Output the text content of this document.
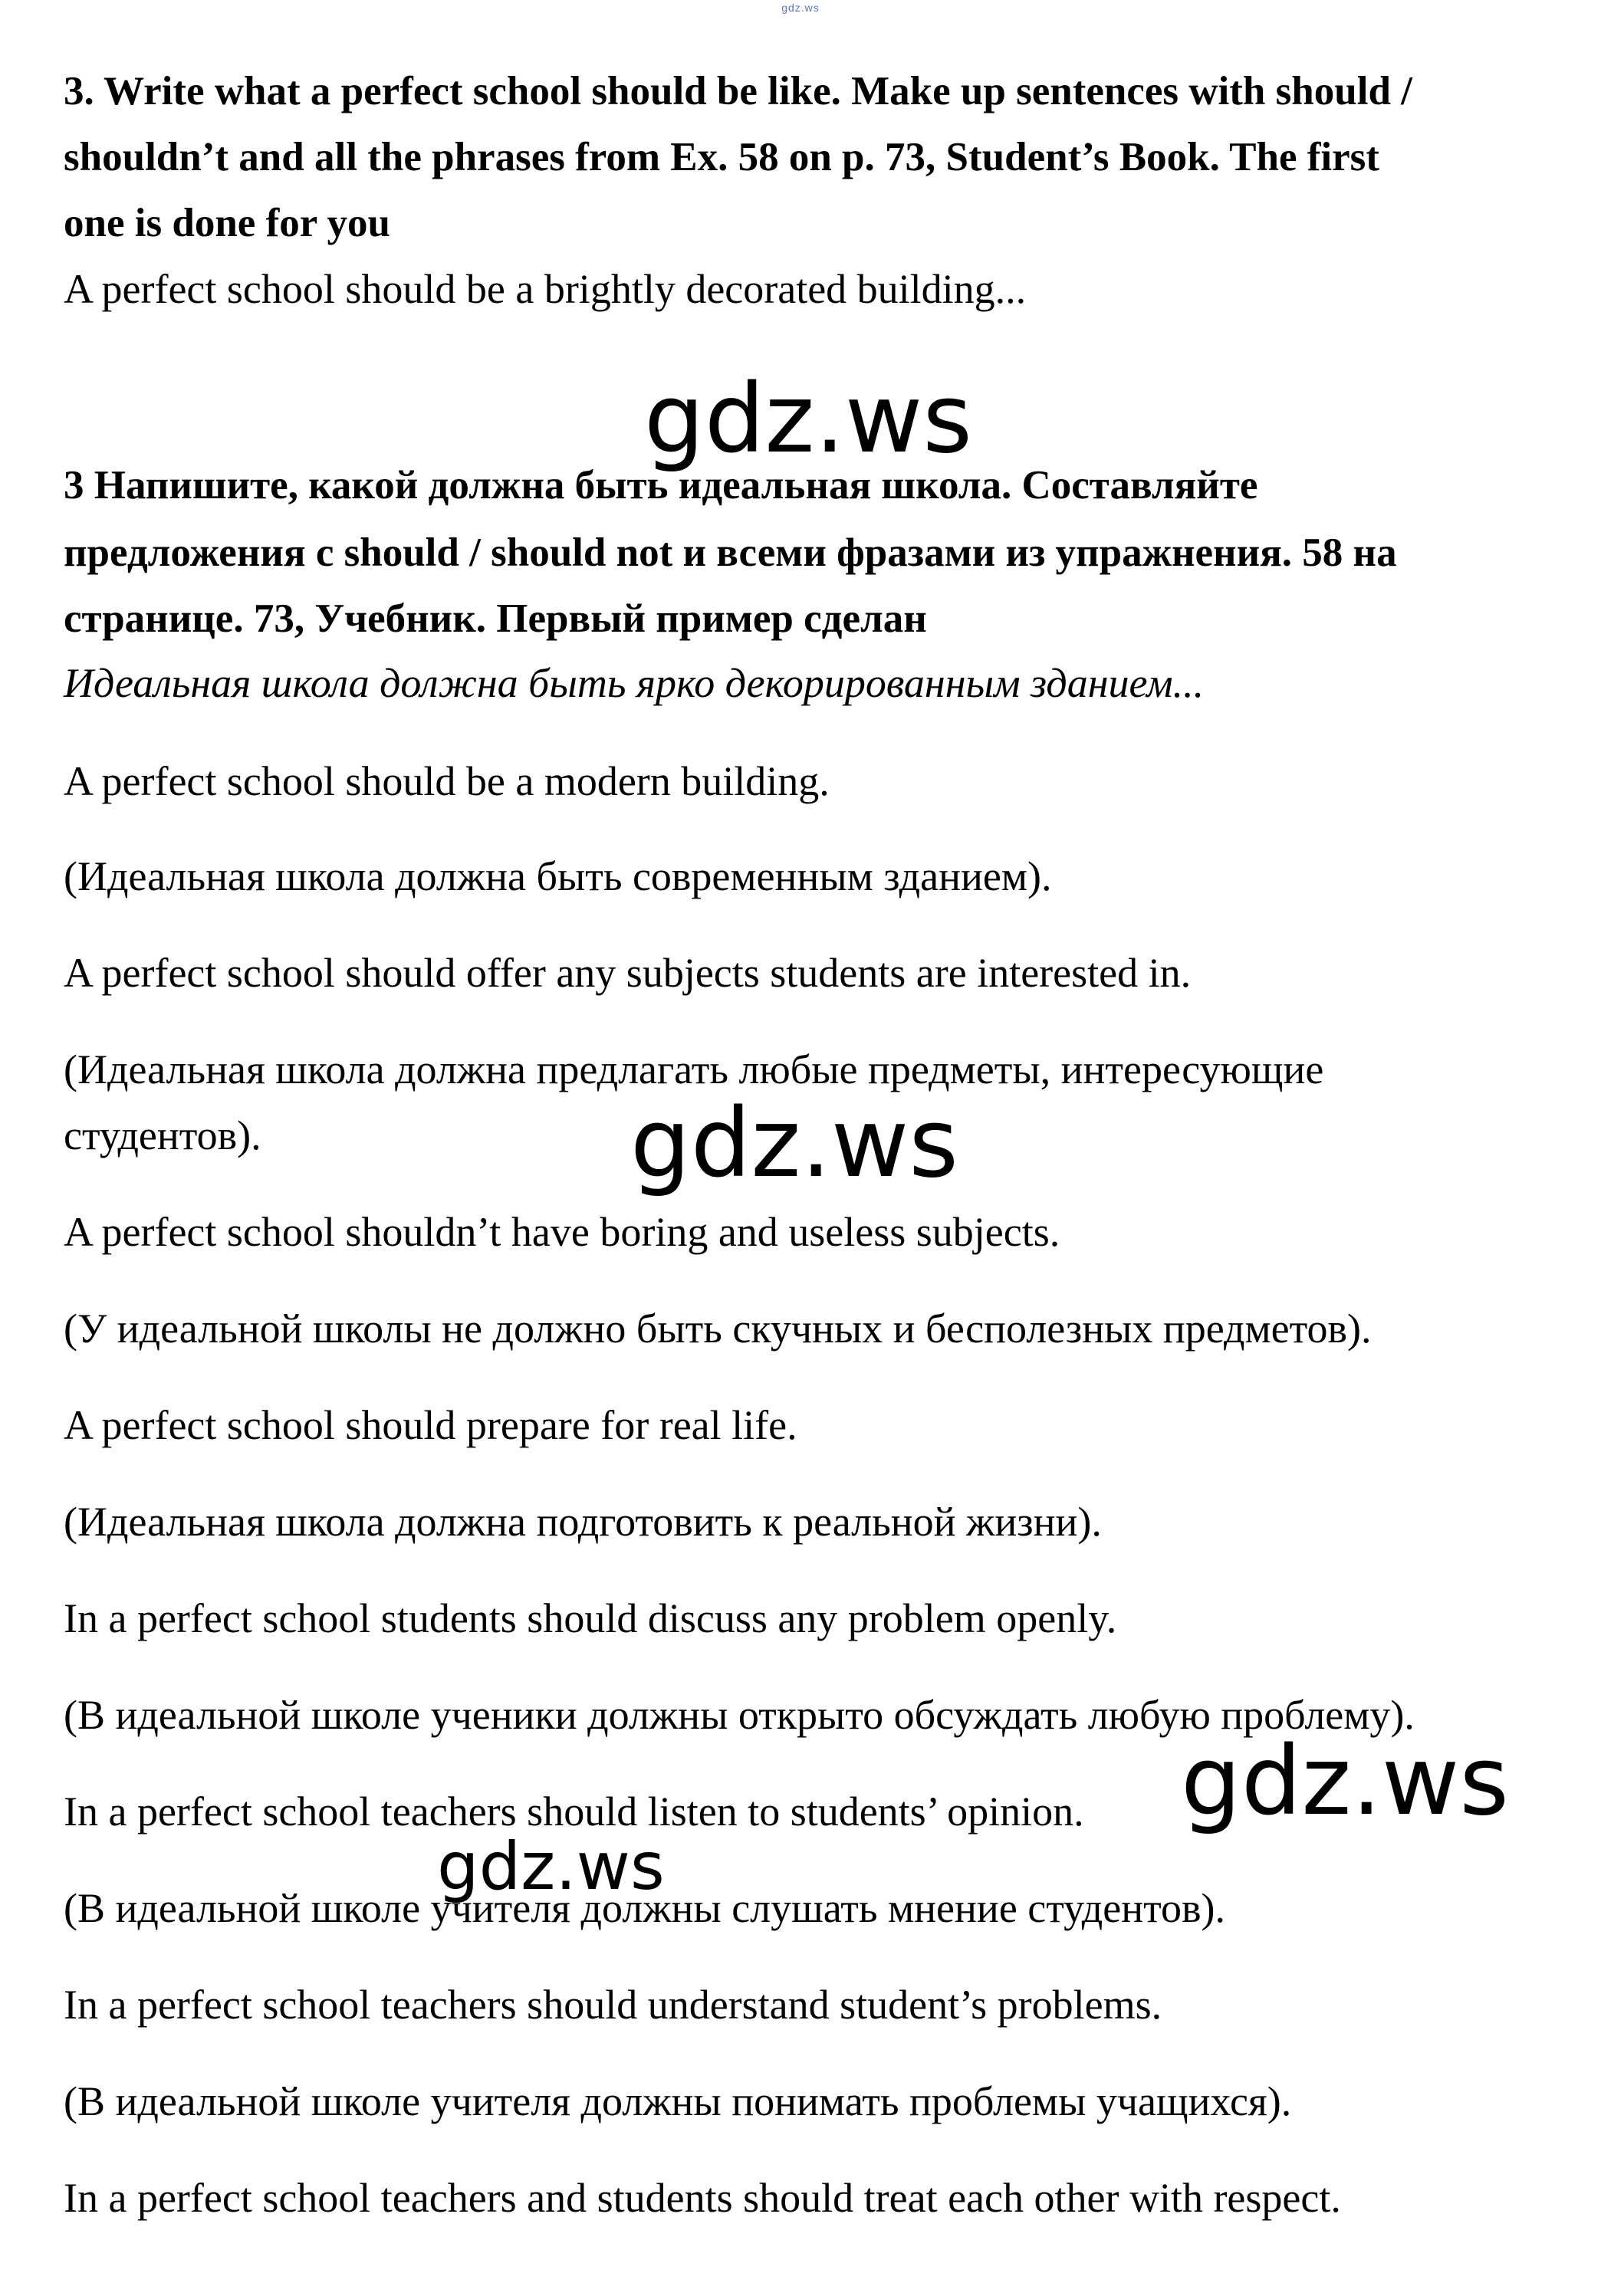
gdz.ws
3. Write what a perfect school should be like. Make up sentences with should /
shouldn’t and all the phrases from Ex. 58 on p. 73, Student’s Book. The first
one is done for you
A perfect school should be a brightly decorated building...
3 Напишите, какой должна быть идеальная школа. Составляйте
предложения с should / should not и всеми фразами из упражнения. 58 на
странице. 73, Учебник. Первый пример сделан
Идеальная школа должна быть ярко декорированным зданием...
A perfect school should be a modern building.
(Идеальная школа должна быть современным зданием).
A perfect school should offer any subjects students are interested in.
(Идеальная школа должна предлагать любые предметы, интересующие
студентов).
A perfect school shouldn’t have boring and useless subjects.
(У идеальной школы не должно быть скучных и бесполезных предметов).
A perfect school should prepare for real life.
(Идеальная школа должна подготовить к реальной жизни).
In a perfect school students should discuss any problem openly.
(В идеальной школе ученики должны открыто обсуждать любую проблему).
In a perfect school teachers should listen to students’ opinion.
(В идеальной школе учителя должны слушать мнение студентов).
In a perfect school teachers should understand student’s problems.
(В идеальной школе учителя должны понимать проблемы учащихся).
In a perfect school teachers and students should treat each other with respect.
gdz.ws
gdz.ws
gdz.ws
gdz.ws
